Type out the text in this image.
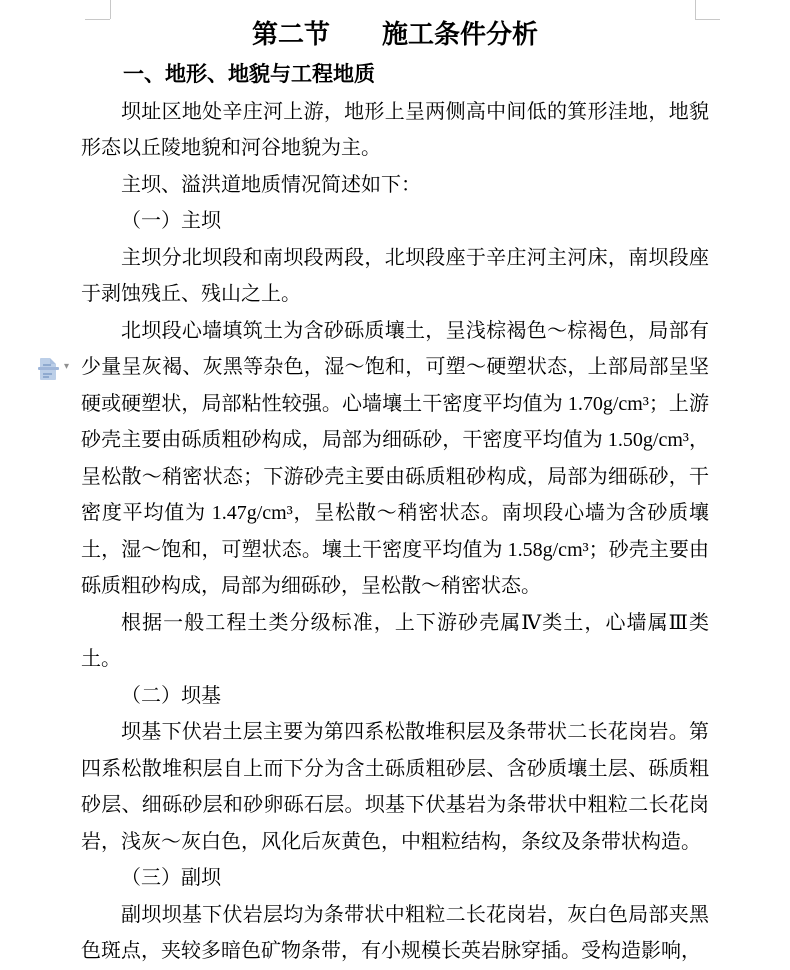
第二节　　施工条件分析

一、地形、地貌与工程地质

坝址区地处辛庄河上游，地形上呈两侧高中间低的箕形洼地，地貌形态以丘陵地貌和河谷地貌为主。

主坝、溢洪道地质情况简述如下：

（一）主坝

主坝分北坝段和南坝段两段，北坝段座于辛庄河主河床，南坝段座于剥蚀残丘、残山之上。

北坝段心墙填筑土为含砂砾质壤土，呈浅棕褐色～棕褐色，局部有少量呈灰褐、灰黑等杂色，湿～饱和，可塑～硬塑状态，上部局部呈坚硬或硬塑状，局部粘性较强。心墙壤土干密度平均值为 1.70g/cm³；上游砂壳主要由砾质粗砂构成，局部为细砾砂，干密度平均值为 1.50g/cm³，呈松散～稍密状态；下游砂壳主要由砾质粗砂构成，局部为细砾砂，干密度平均值为 1.47g/cm³，呈松散～稍密状态。南坝段心墙为含砂质壤土，湿～饱和，可塑状态。壤土干密度平均值为 1.58g/cm³；砂壳主要由砾质粗砂构成，局部为细砾砂，呈松散～稍密状态。

根据一般工程土类分级标准，上下游砂壳属Ⅳ类土，心墙属Ⅲ类土。

（二）坝基

坝基下伏岩土层主要为第四系松散堆积层及条带状二长花岗岩。第四系松散堆积层自上而下分为含土砾质粗砂层、含砂质壤土层、砾质粗砂层、细砾砂层和砂卵砾石层。坝基下伏基岩为条带状中粗粒二长花岗岩，浅灰～灰白色，风化后灰黄色，中粗粒结构，条纹及条带状构造。

（三）副坝

副坝坝基下伏岩层均为条带状中粗粒二长花岗岩，灰白色局部夹黑色斑点，夹较多暗色矿物条带，有小规模长英岩脉穿插。受构造影响，

▾
